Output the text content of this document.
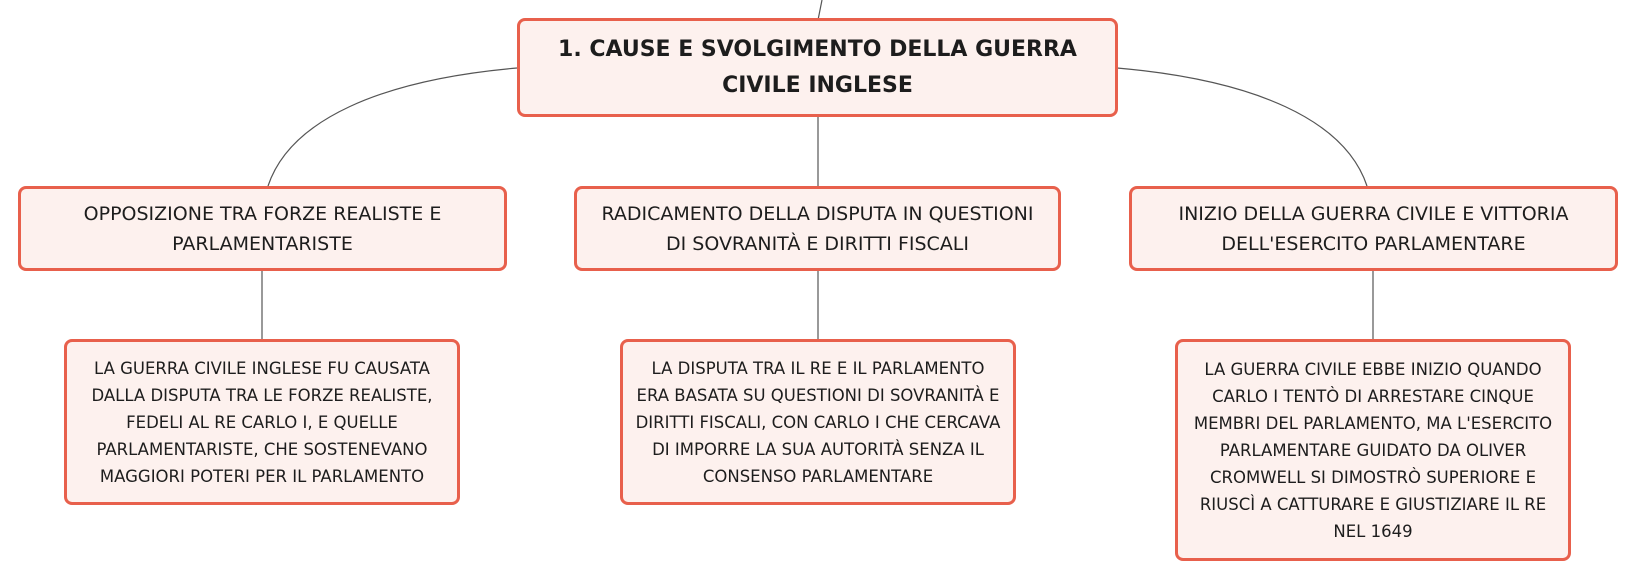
1. CAUSE E SVOLGIMENTO DELLA GUERRA CIVILE INGLESE
OPPOSIZIONE TRA FORZE REALISTE E PARLAMENTARISTE
RADICAMENTO DELLA DISPUTA IN QUESTIONI DI SOVRANITÀ E DIRITTI FISCALI
INIZIO DELLA GUERRA CIVILE E VITTORIA DELL'ESERCITO PARLAMENTARE
LA GUERRA CIVILE INGLESE FU CAUSATA DALLA DISPUTA TRA LE FORZE REALISTE, FEDELI AL RE CARLO I, E QUELLE PARLAMENTARISTE, CHE SOSTENEVANO MAGGIORI POTERI PER IL PARLAMENTO
LA DISPUTA TRA IL RE E IL PARLAMENTO ERA BASATA SU QUESTIONI DI SOVRANITÀ E DIRITTI FISCALI, CON CARLO I CHE CERCAVA DI IMPORRE LA SUA AUTORITÀ SENZA IL CONSENSO PARLAMENTARE
LA GUERRA CIVILE EBBE INIZIO QUANDO CARLO I TENTÒ DI ARRESTARE CINQUE MEMBRI DEL PARLAMENTO, MA L'ESERCITO PARLAMENTARE GUIDATO DA OLIVER CROMWELL SI DIMOSTRÒ SUPERIORE E RIUSCÌ A CATTURARE E GIUSTIZIARE IL RE NEL 1649
